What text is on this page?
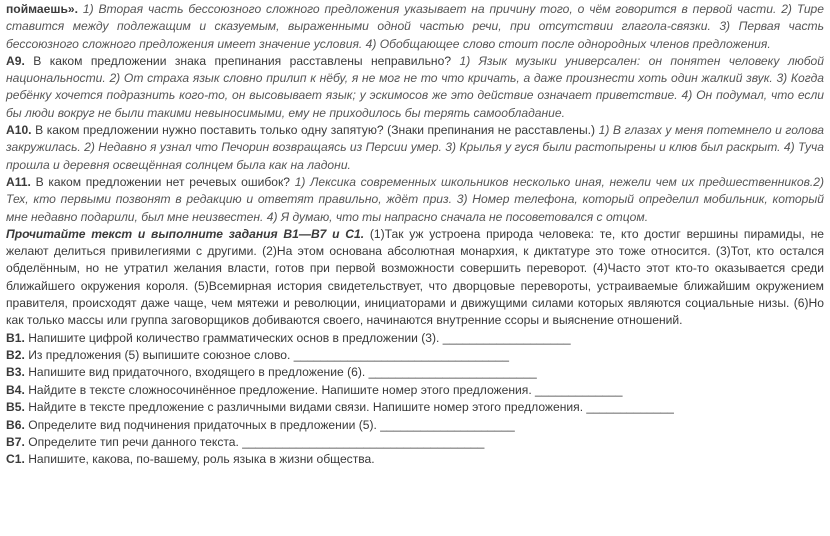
поймаешь». 1) Вторая часть бессоюзного сложного предложения указывает на причину того, о чём говорится в первой части. 2) Тире ставится между подлежащим и сказуемым, выраженными одной частью речи, при отсутствии глагола-связки. 3) Первая часть бессоюзного сложного предложения имеет значение условия. 4) Обобщающее слово стоит после однородных членов предложения.

А9. В каком предложении знака препинания расставлены неправильно? 1) Язык музыки универсален: он понятен человеку любой национальности. 2) От страха язык словно прилип к нёбу, я не мог не то что кричать, а даже произнести хоть один жалкий звук. 3) Когда ребёнку хочется подразнить кого-то, он высовывает язык; у эскимосов же это действие означает приветствие. 4) Он подумал, что если бы люди вокруг не были такими невыносимыми, ему не приходилось бы терять самообладание.

А10. В каком предложении нужно поставить только одну запятую? (Знаки препинания не расставлены.) 1) В глазах у меня потемнело и голова закружилась. 2) Недавно я узнал что Печорин возвращаясь из Персии умер. 3) Крылья у гуся были растопырены и клюв был раскрыт. 4) Туча прошла и деревня освещённая солнцем была как на ладони.

А11. В каком предложении нет речевых ошибок? 1) Лексика современных школьников несколько иная, нежели чем их предшественников.2) Тех, кто первыми позвонят в редакцию и ответят правильно, ждёт приз. 3) Номер телефона, который определил мобильник, который мне недавно подарили, был мне неизвестен. 4) Я думаю, что ты напрасно сначала не посоветовался с отцом.

Прочитайте текст и выполните задания В1—В7 и С1. (1)Так уж устроена природа человека: те, кто достиг вершины пирамиды, не желают делиться привилегиями с другими. (2)На этом основана абсолютная монархия, к диктатуре это тоже относится. (3)Тот, кто остался обделённым, но не утратил желания власти, готов при первой возможности совершить переворот. (4)Часто этот кто-то оказывается среди ближайшего окружения короля. (5)Всемирная история свидетельствует, что дворцовые перевороты, устраиваемые ближайшим окружением правителя, происходят даже чаще, чем мятежи и революции, инициаторами и движущими силами которых являются социальные низы. (6)Но как только массы или группа заговорщиков добиваются своего, начинаются внутренние ссоры и выяснение отношений.

В1. Напишите цифрой количество грамматических основ в предложении (3). ___________________

В2. Из предложения (5) выпишите союзное слово. ________________________________

В3. Напишите вид придаточного, входящего в предложение (6). _________________________

В4. Найдите в тексте сложносочинённое предложение. Напишите номер этого предложения. _____________

В5. Найдите в тексте предложение с различными видами связи. Напишите номер этого предложения. _____________

В6. Определите вид подчинения придаточных в предложении (5). ____________________

В7. Определите тип речи данного текста. ____________________________________

С1. Напишите, какова, по-вашему, роль языка в жизни общества.
